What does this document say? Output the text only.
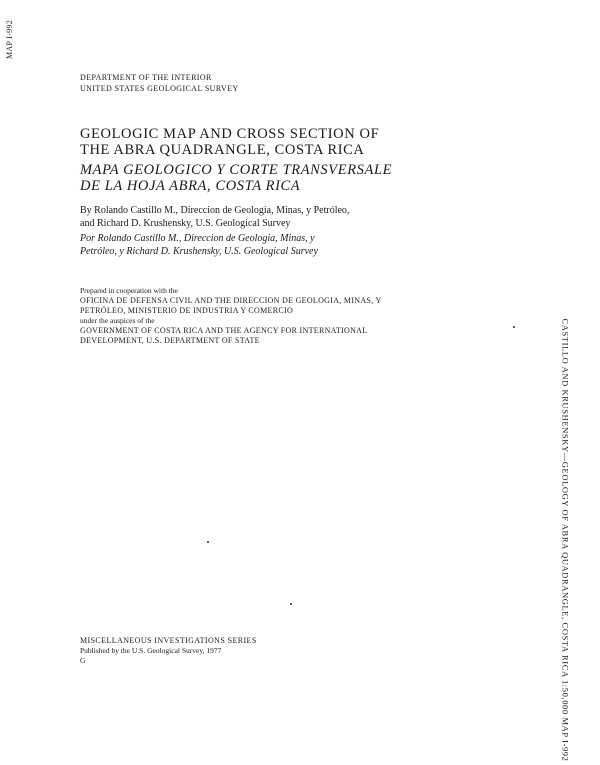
MAP I-992
CASTILLO AND KRUSHENSKY—GEOLOGY OF ABRA QUADRANGLE, COSTA RICA 1:50,000 MAP I-992
DEPARTMENT OF THE INTERIOR
UNITED STATES GEOLOGICAL SURVEY
GEOLOGIC MAP AND CROSS SECTION OF
THE ABRA QUADRANGLE, COSTA RICA
MAPA GEOLOGICO Y CORTE TRANSVERSALE
DE LA HOJA ABRA, COSTA RICA
By Rolando Castillo M., Direccion de Geologia, Minas, y Petróleo,
and Richard D. Krushensky, U.S. Geological Survey
Por Rolando Castillo M., Direccion de Geologia, Minas, y
Petróleo, y Richard D. Krushensky, U.S. Geological Survey
Prepared in cooperation with the
OFICINA DE DEFENSA CIVIL AND THE DIRECCION DE GEOLOGIA, MINAS, Y
PETRÓLEO, MINISTERIO DE INDUSTRIA Y COMERCIO
under the auspices of the
GOVERNMENT OF COSTA RICA AND THE AGENCY FOR INTERNATIONAL
DEVELOPMENT, U.S. DEPARTMENT OF STATE
MISCELLANEOUS INVESTIGATIONS SERIES
Published by the U.S. Geological Survey, 1977
G
